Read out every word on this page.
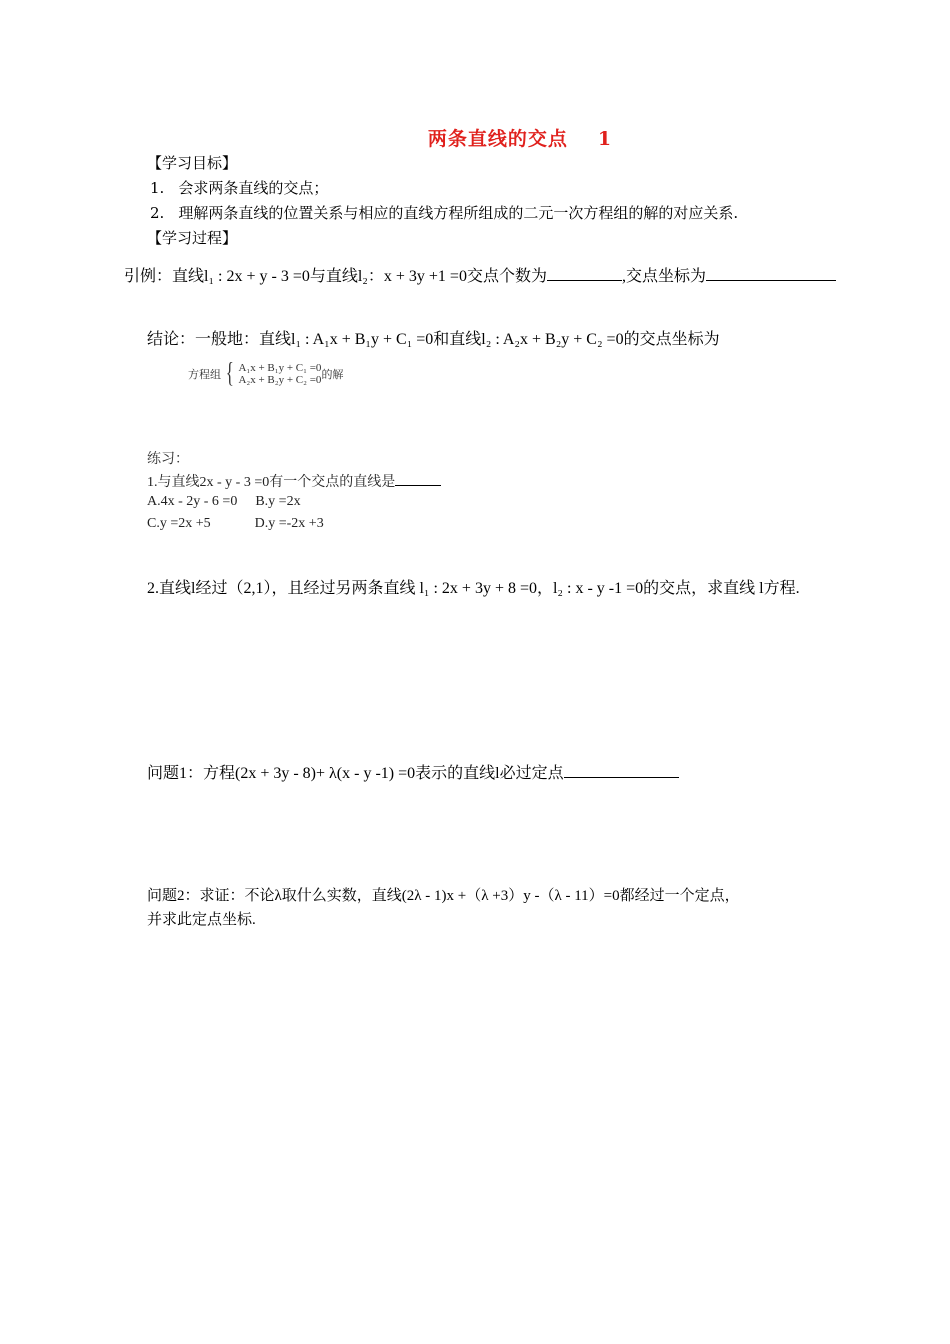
两条直线的交点 1
【学习目标】
1. 会求两条直线的交点；
2. 理解两条直线的位置关系与相应的直线方程所组成的二元一次方程组的解的对应关系.
【学习过程】
引例：直线l₁ : 2x + y - 3 =0与直线l₂：x + 3y +1 =0交点个数为	,交点坐标为
结论：一般地：直线l₁ : A₁x + B₁y + C₁ =0和直线l₂ : A₂x + B₂y + C₂ =0的交点坐标为
方程组 { A₁x + B₁y + C₁ =0
A₂x + B₂y + C₂ =0 的解
练习：
1.与直线2x - y - 3 =0有一个交点的直线是
A.4x - 2y - 6 =0 B.y =2x
C.y =2x +5	D.y =-2x +3
2.直线l经过（2,1），且经过另两条直线 l₁ : 2x + 3y + 8 =0，l₂ : x - y -1 =0的交点，求直线 l方程.
问题1：方程(2x + 3y - 8)+ λ(x - y -1) =0表示的直线l必过定点
问题2：求证：不论λ取什么实数，直线(2λ - 1)x +（λ +3）y -（λ - 11）=0都经过一个定点，
并求此定点坐标.
